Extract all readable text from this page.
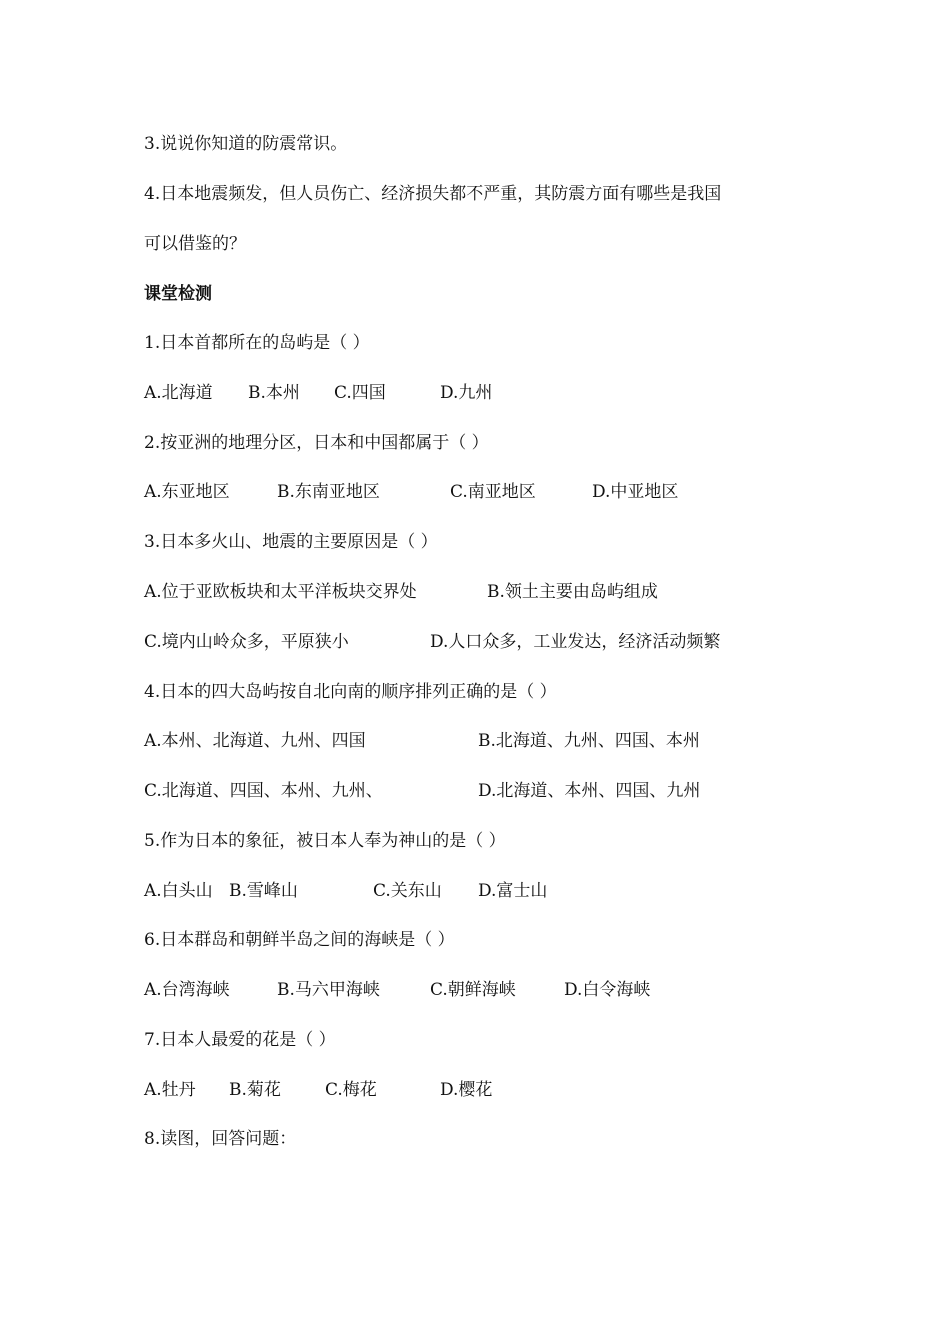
3.说说你知道的防震常识。
4.日本地震频发，但人员伤亡、经济损失都不严重，其防震方面有哪些是我国
可以借鉴的？
课堂检测
1.日本首都所在的岛屿是（ ）
A.北海道 B.本州 C.四国	D.九州
2.按亚洲的地理分区，日本和中国都属于（ ）
A.东亚地区	B.东南亚地区	C.南亚地区	D.中亚地区
3.日本多火山、地震的主要原因是（ ）
A.位于亚欧板块和太平洋板块交界处	B.领土主要由岛屿组成
C.境内山岭众多，平原狭小	D.人口众多，工业发达，经济活动频繁
4.日本的四大岛屿按自北向南的顺序排列正确的是（ ）
A.本州、北海道、九州、四国	B.北海道、九州、四国、本州
C.北海道、四国、本州、九州、	D.北海道、本州、四国、九州
5.作为日本的象征，被日本人奉为神山的是（ ）
A.白头山 B.雪峰山	C.关东山 D.富士山
6.日本群岛和朝鲜半岛之间的海峡是（ ）
A.台湾海峡	B.马六甲海峡	C.朝鲜海峡	D.白令海峡
7.日本人最爱的花是（ ）
A.牡丹 B.菊花	C.梅花	D.樱花
8.读图，回答问题：
